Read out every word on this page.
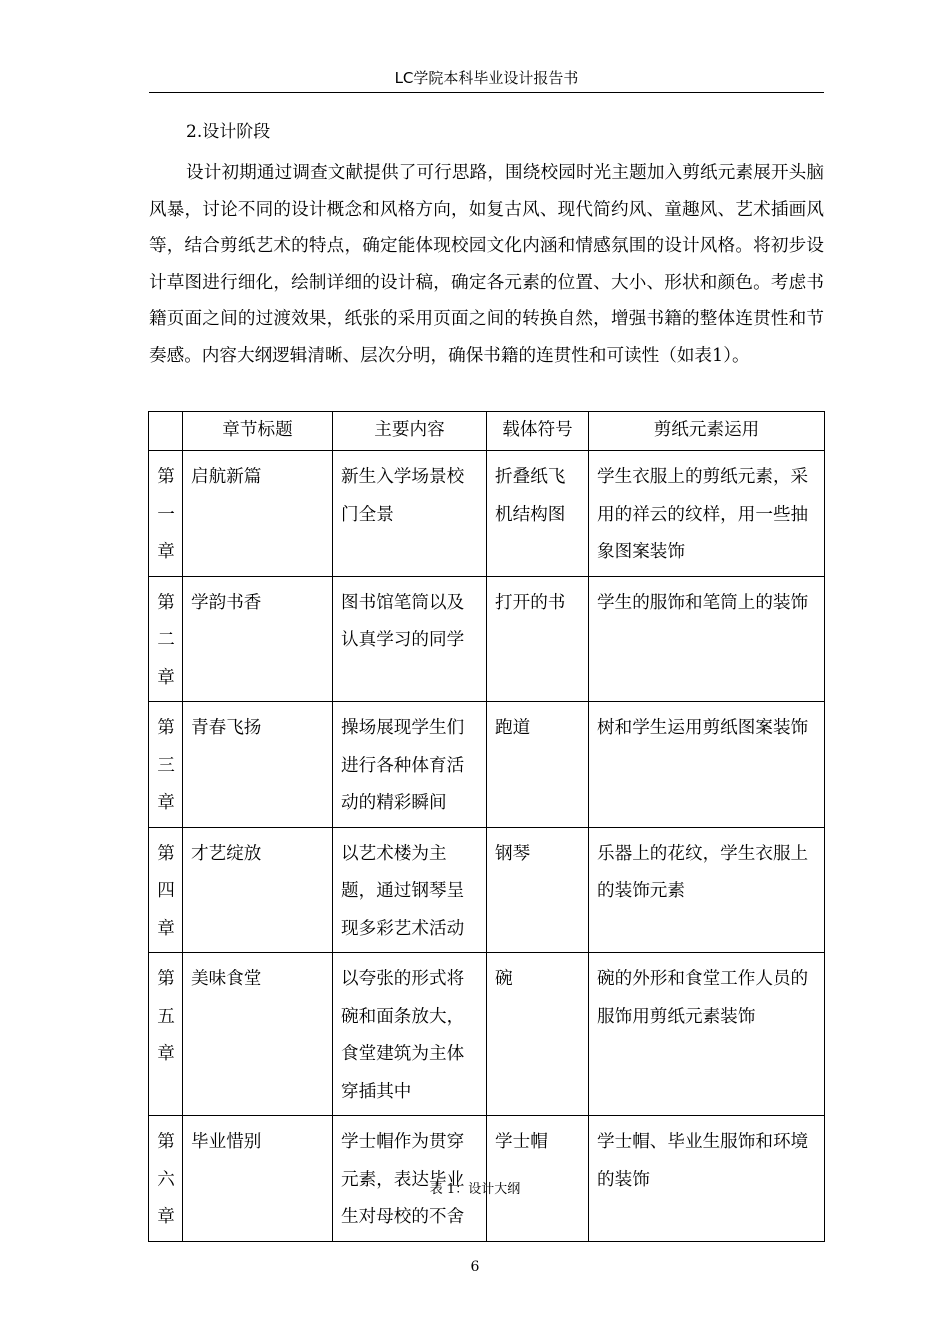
LC学院本科毕业设计报告书
2.设计阶段

设计初期通过调查文献提供了可行思路，围绕校园时光主题加入剪纸元素展开头脑风暴，讨论不同的设计概念和风格方向，如复古风、现代简约风、童趣风、艺术插画风等，结合剪纸艺术的特点，确定能体现校园文化内涵和情感氛围的设计风格。将初步设计草图进行细化，绘制详细的设计稿，确定各元素的位置、大小、形状和颜色。考虑书籍页面之间的过渡效果，纸张的采用页面之间的转换自然，增强书籍的整体连贯性和节奏感。内容大纲逻辑清晰、层次分明，确保书籍的连贯性和可读性（如表1）。

	章节标题	主要内容	载体符号	剪纸元素运用

第一章	启航新篇	新生入学场景校门全景	折叠纸飞机结构图	学生衣服上的剪纸元素，采用的祥云的纹样，用一些抽象图案装饰

第二章	学韵书香	图书馆笔筒以及认真学习的同学	打开的书	学生的服饰和笔筒上的装饰

第三章	青春飞扬	操场展现学生们进行各种体育活动的精彩瞬间	跑道	树和学生运用剪纸图案装饰

第四章	才艺绽放	以艺术楼为主题，通过钢琴呈现多彩艺术活动	钢琴	乐器上的花纹，学生衣服上的装饰元素

第五章	美味食堂	以夸张的形式将碗和面条放大，食堂建筑为主体穿插其中	碗	碗的外形和食堂工作人员的服饰用剪纸元素装饰

第六章	毕业惜别	学士帽作为贯穿元素，表达毕业生对母校的不舍	学士帽	学士帽、毕业生服饰和环境的装饰
表 1：设计大纲
6
